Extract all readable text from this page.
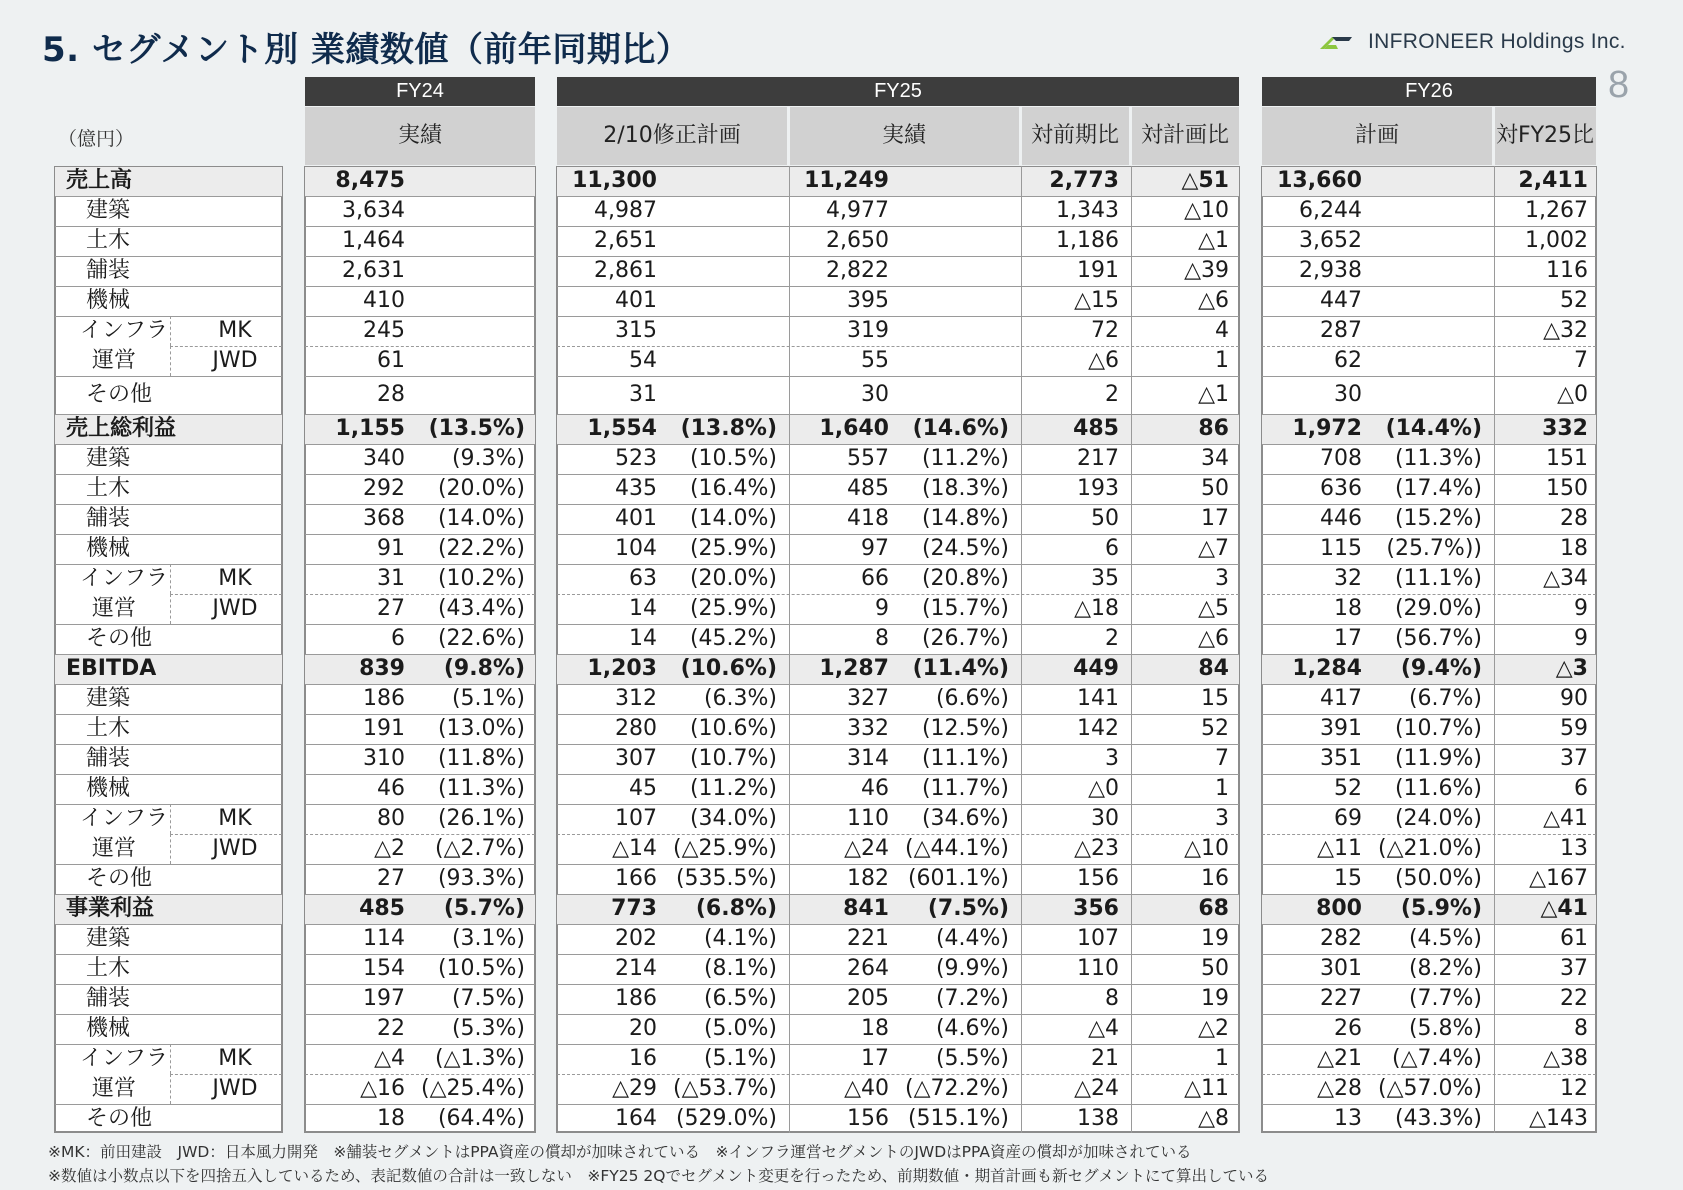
5. セグメント別 業績数値（前年同期比）	INFRONEER Holdings Inc.
8
（億円）
FY24	FY25	FY26
実績	2/10修正計画	実績	対前期比 対計画比	計画	対FY25比
売上高	8,475	11,300	11,249	2,773	△51	13,660	2,411
建築	3,634	4,987	4,977	1,343	△10	6,244	1,267
土木	1,464	2,651	2,650	1,186	△1	3,652	1,002
舗装	2,631	2,861	2,822	191	△39	2,938	116
機械	410	401	395	△15	△6	447	52
インフラ	MK	245	315	319	72	4	287	△32
運営	JWD	61	54	55	△6	1	62	7
その他	28	31	30	2	△1	30	△0
売上総利益	1,155	(13.5%)	1,554	(13.8%)	1,640	(14.6%)	485	86	1,972	(14.4%)	332
建築	340	(9.3%)	523	(10.5%)	557	(11.2%)	217	34	708	(11.3%)	151
土木	292	(20.0%)	435	(16.4%)	485	(18.3%)	193	50	636	(17.4%)	150
舗装	368	(14.0%)	401	(14.0%)	418	(14.8%)	50	17	446	(15.2%)	28
機械	91	(22.2%)	104	(25.9%)	97	(24.5%)	6	△7	115	(25.7%))	18
インフラ	MK	31	(10.2%)	63	(20.0%)	66	(20.8%)	35	3	32	(11.1%)	△34
運営	JWD	27	(43.4%)	14	(25.9%)	9	(15.7%)	△18	△5	18	(29.0%)	9
その他	6	(22.6%)	14	(45.2%)	8	(26.7%)	2	△6	17	(56.7%)	9
EBITDA	839	(9.8%)	1,203	(10.6%)	1,287	(11.4%)	449	84	1,284	(9.4%)	△3
建築	186	(5.1%)	312	(6.3%)	327	(6.6%)	141	15	417	(6.7%)	90
土木	191	(13.0%)	280	(10.6%)	332	(12.5%)	142	52	391	(10.7%)	59
舗装	310	(11.8%)	307	(10.7%)	314	(11.1%)	3	7	351	(11.9%)	37
機械	46	(11.3%)	45	(11.2%)	46	(11.7%)	△0	1	52	(11.6%)	6
インフラ	MK	80	(26.1%)	107	(34.0%)	110	(34.6%)	30	3	69	(24.0%)	△41
運営	JWD	△2	(△2.7%)	△14 (△25.9%)	△24 (△44.1%)	△23	△10	△11 (△21.0%)	13
その他	27	(93.3%)	166 (535.5%)	182 (601.1%)	156	16	15	(50.0%)	△167
事業利益	485	(5.7%)	773	(6.8%)	841	(7.5%)	356	68	800	(5.9%)	△41
建築	114	(3.1%)	202	(4.1%)	221	(4.4%)	107	19	282	(4.5%)	61
土木	154	(10.5%)	214	(8.1%)	264	(9.9%)	110	50	301	(8.2%)	37
舗装	197	(7.5%)	186	(6.5%)	205	(7.2%)	8	19	227	(7.7%)	22
機械	22	(5.3%)	20	(5.0%)	18	(4.6%)	△4	△2	26	(5.8%)	8
インフラ	MK	△4	(△1.3%)	16	(5.1%)	17	(5.5%)	21	1	△21	(△7.4%)	△38
運営	JWD	△16 (△25.4%)	△29 (△53.7%)	△40 (△72.2%)	△24	△11	△28 (△57.0%)	12
その他	18	(64.4%)	164 (529.0%)	156 (515.1%)	138	△8	13	(43.3%)	△143
※MK：前田建設　JWD：日本風力開発　※舗装セグメントはPPA資産の償却が加味されている　※インフラ運営セグメントのJWDはPPA資産の償却が加味されている
※数値は小数点以下を四捨五入しているため、表記数値の合計は一致しない　※FY25 2Qでセグメント変更を行ったため、前期数値・期首計画も新セグメントにて算出している
